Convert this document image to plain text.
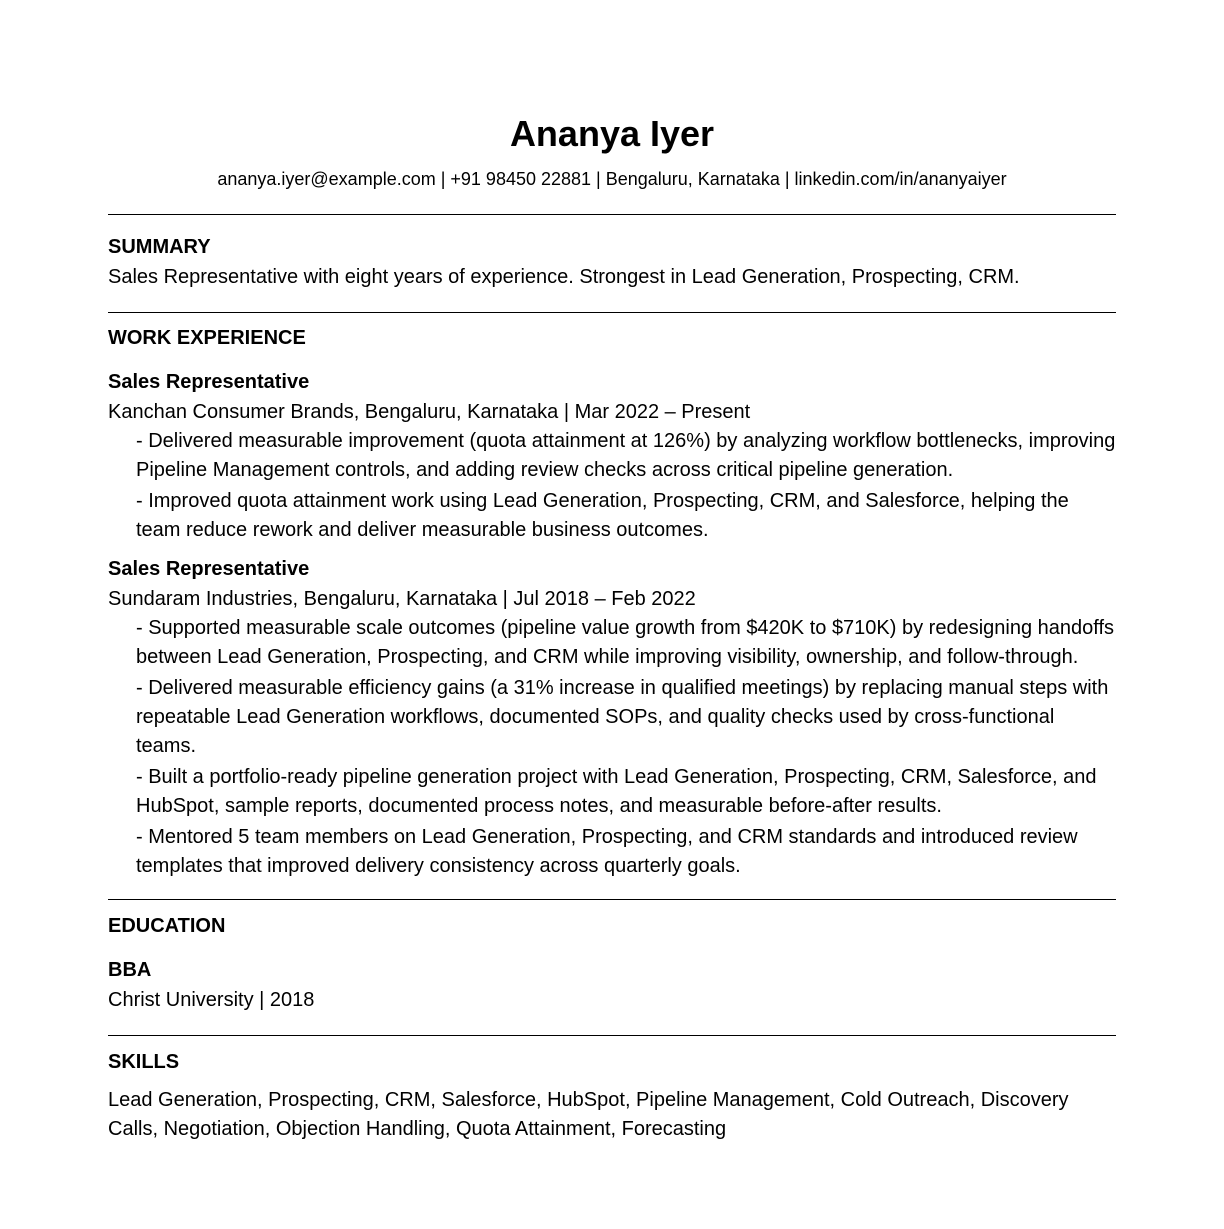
Ananya Iyer
ananya.iyer@example.com | +91 98450 22881 | Bengaluru, Karnataka | linkedin.com/in/ananyaiyer
SUMMARY
Sales Representative with eight years of experience. Strongest in Lead Generation, Prospecting, CRM.
WORK EXPERIENCE
Sales Representative
Kanchan Consumer Brands, Bengaluru, Karnataka | Mar 2022 – Present
- Delivered measurable improvement (quota attainment at 126%) by analyzing workflow bottlenecks, improving Pipeline Management controls, and adding review checks across critical pipeline generation.
- Improved quota attainment work using Lead Generation, Prospecting, CRM, and Salesforce, helping the team reduce rework and deliver measurable business outcomes.
Sales Representative
Sundaram Industries, Bengaluru, Karnataka | Jul 2018 – Feb 2022
- Supported measurable scale outcomes (pipeline value growth from $420K to $710K) by redesigning handoffs between Lead Generation, Prospecting, and CRM while improving visibility, ownership, and follow-through.
- Delivered measurable efficiency gains (a 31% increase in qualified meetings) by replacing manual steps with repeatable Lead Generation workflows, documented SOPs, and quality checks used by cross-functional teams.
- Built a portfolio-ready pipeline generation project with Lead Generation, Prospecting, CRM, Salesforce, and HubSpot, sample reports, documented process notes, and measurable before-after results.
- Mentored 5 team members on Lead Generation, Prospecting, and CRM standards and introduced review templates that improved delivery consistency across quarterly goals.
EDUCATION
BBA
Christ University | 2018
SKILLS
Lead Generation, Prospecting, CRM, Salesforce, HubSpot, Pipeline Management, Cold Outreach, Discovery Calls, Negotiation, Objection Handling, Quota Attainment, Forecasting
